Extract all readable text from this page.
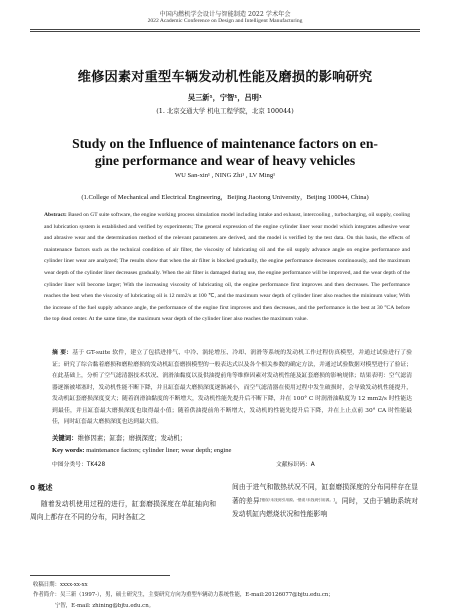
中国内燃机学会设计与智能制造 2022 学术年会
2022 Academic Conference on Design and Intelligent Manufacturing
维修因素对重型车辆发动机性能及磨损的影响研究
吴三新¹，宁智¹，吕明¹
(1. 北京交通大学 机电工程学院，北京 100044)
Study on the Influence of maintenance factors on en-
gine performance and wear of heavy vehicles
WU San-xin¹ , NING Zhi¹ , LV Ming¹
(1.College of Mechanical and Electrical Engineering，Beijing Jiaotong University，Beijing 100044, China)
Abstract: Based on GT suite software, the engine working process simulation model including intake and exhaust, intercooling , turbocharging, oil supply, cooling and lubrication system is established and verified by experiments; The general expression of the engine cylinder liner wear model which integrates adhesive wear and abrasive wear and the determination method of the relevant parameters are derived, and the model is verified by the test data. On this basis, the effects of maintenance factors such as the technical condition of air filter, the viscosity of lubricating oil and the oil supply advance angle on engine performance and cylinder liner wear are analyzed; The results show that when the air filter is blocked gradually, the engine performance decreases continuously, and the maximum wear depth of the cylinder liner decreases gradually. When the air filter is damaged during use, the engine performance will be improved, and the wear depth of the cylinder liner will become larger; With the increasing viscosity of lubricating oil, the engine performance first improves and then decreases. The performance reaches the best when the viscosity of lubricating oil is 12 mm2/s at 100 ℃, and the maximum wear depth of cylinder liner also reaches the minimum value; With the increase of the fuel supply advance angle, the performance of the engine first improves and then decreases, and the performance is the best at 30 °CA before the top dead center. At the same time, the maximum wear depth of the cylinder liner also reaches the maximum value.
摘 要：基于 GT-suite 软件，建立了包括进排气、中冷、涡轮增压、冷却、润滑等系统的发动机工作过程仿真模型，并通过试验进行了验证；研究了综合黏着磨损和磨粒磨损的发动机缸套磨损模型的一般表达式以及各个相关参数的确定方法，并通过试验数据对模型进行了验证；在此基础上，分析了空气滤清器技术状况、润滑油黏度以及供油提前角等维修因素对发动机性能及缸套磨损的影响规律；结果表明：空气滤清器逐渐被堵塞时，发动机性能不断下降，并且缸套最大磨损深度逐渐减小，而空气滤清器在使用过程中发生破损时，会导致发动机性能提升，发动机缸套磨损深度变大；随着润滑油黏度的不断增大，发动机性能先提升后不断下降，并在 100° C 时润滑油粘度为 12 mm2/s 时性能达到最佳，并且缸套最大磨损深度也取得最小值；随着供油提前角不断增大，发动机的性能先提升后下降，并在上止点前 30° CA 时性能最佳，同时缸套最大磨损深度也达到最大值。
关键词：维修因素；缸套；磨损深度；发动机；
Key words: maintenance factors; cylinder liner; wear depth; engine
中图分类号：TK428	文献标识码：A
0 概述
随着发动机使用过程的进行，缸套磨损深度在单缸轴向和周向上都存在不同的分布，同时各缸之
间由于进气和散热状况不同，缸套磨损深度的分布同样存在显著的差异[错误!未找到引用源。-错误!未找到引用源。]。同时，又由于辅助系统对发动机缸内燃烧状况和性能影响
收稿日期：xxxx-xx-xx
作者简介：吴三新（1997-），男，硕士研究生，主要研究方向为重型车辆动力系统性能，E-mail:20126077@bjtu.edu.cn；
宁智，E-mail: zhining@bjtu.edu.cn。
